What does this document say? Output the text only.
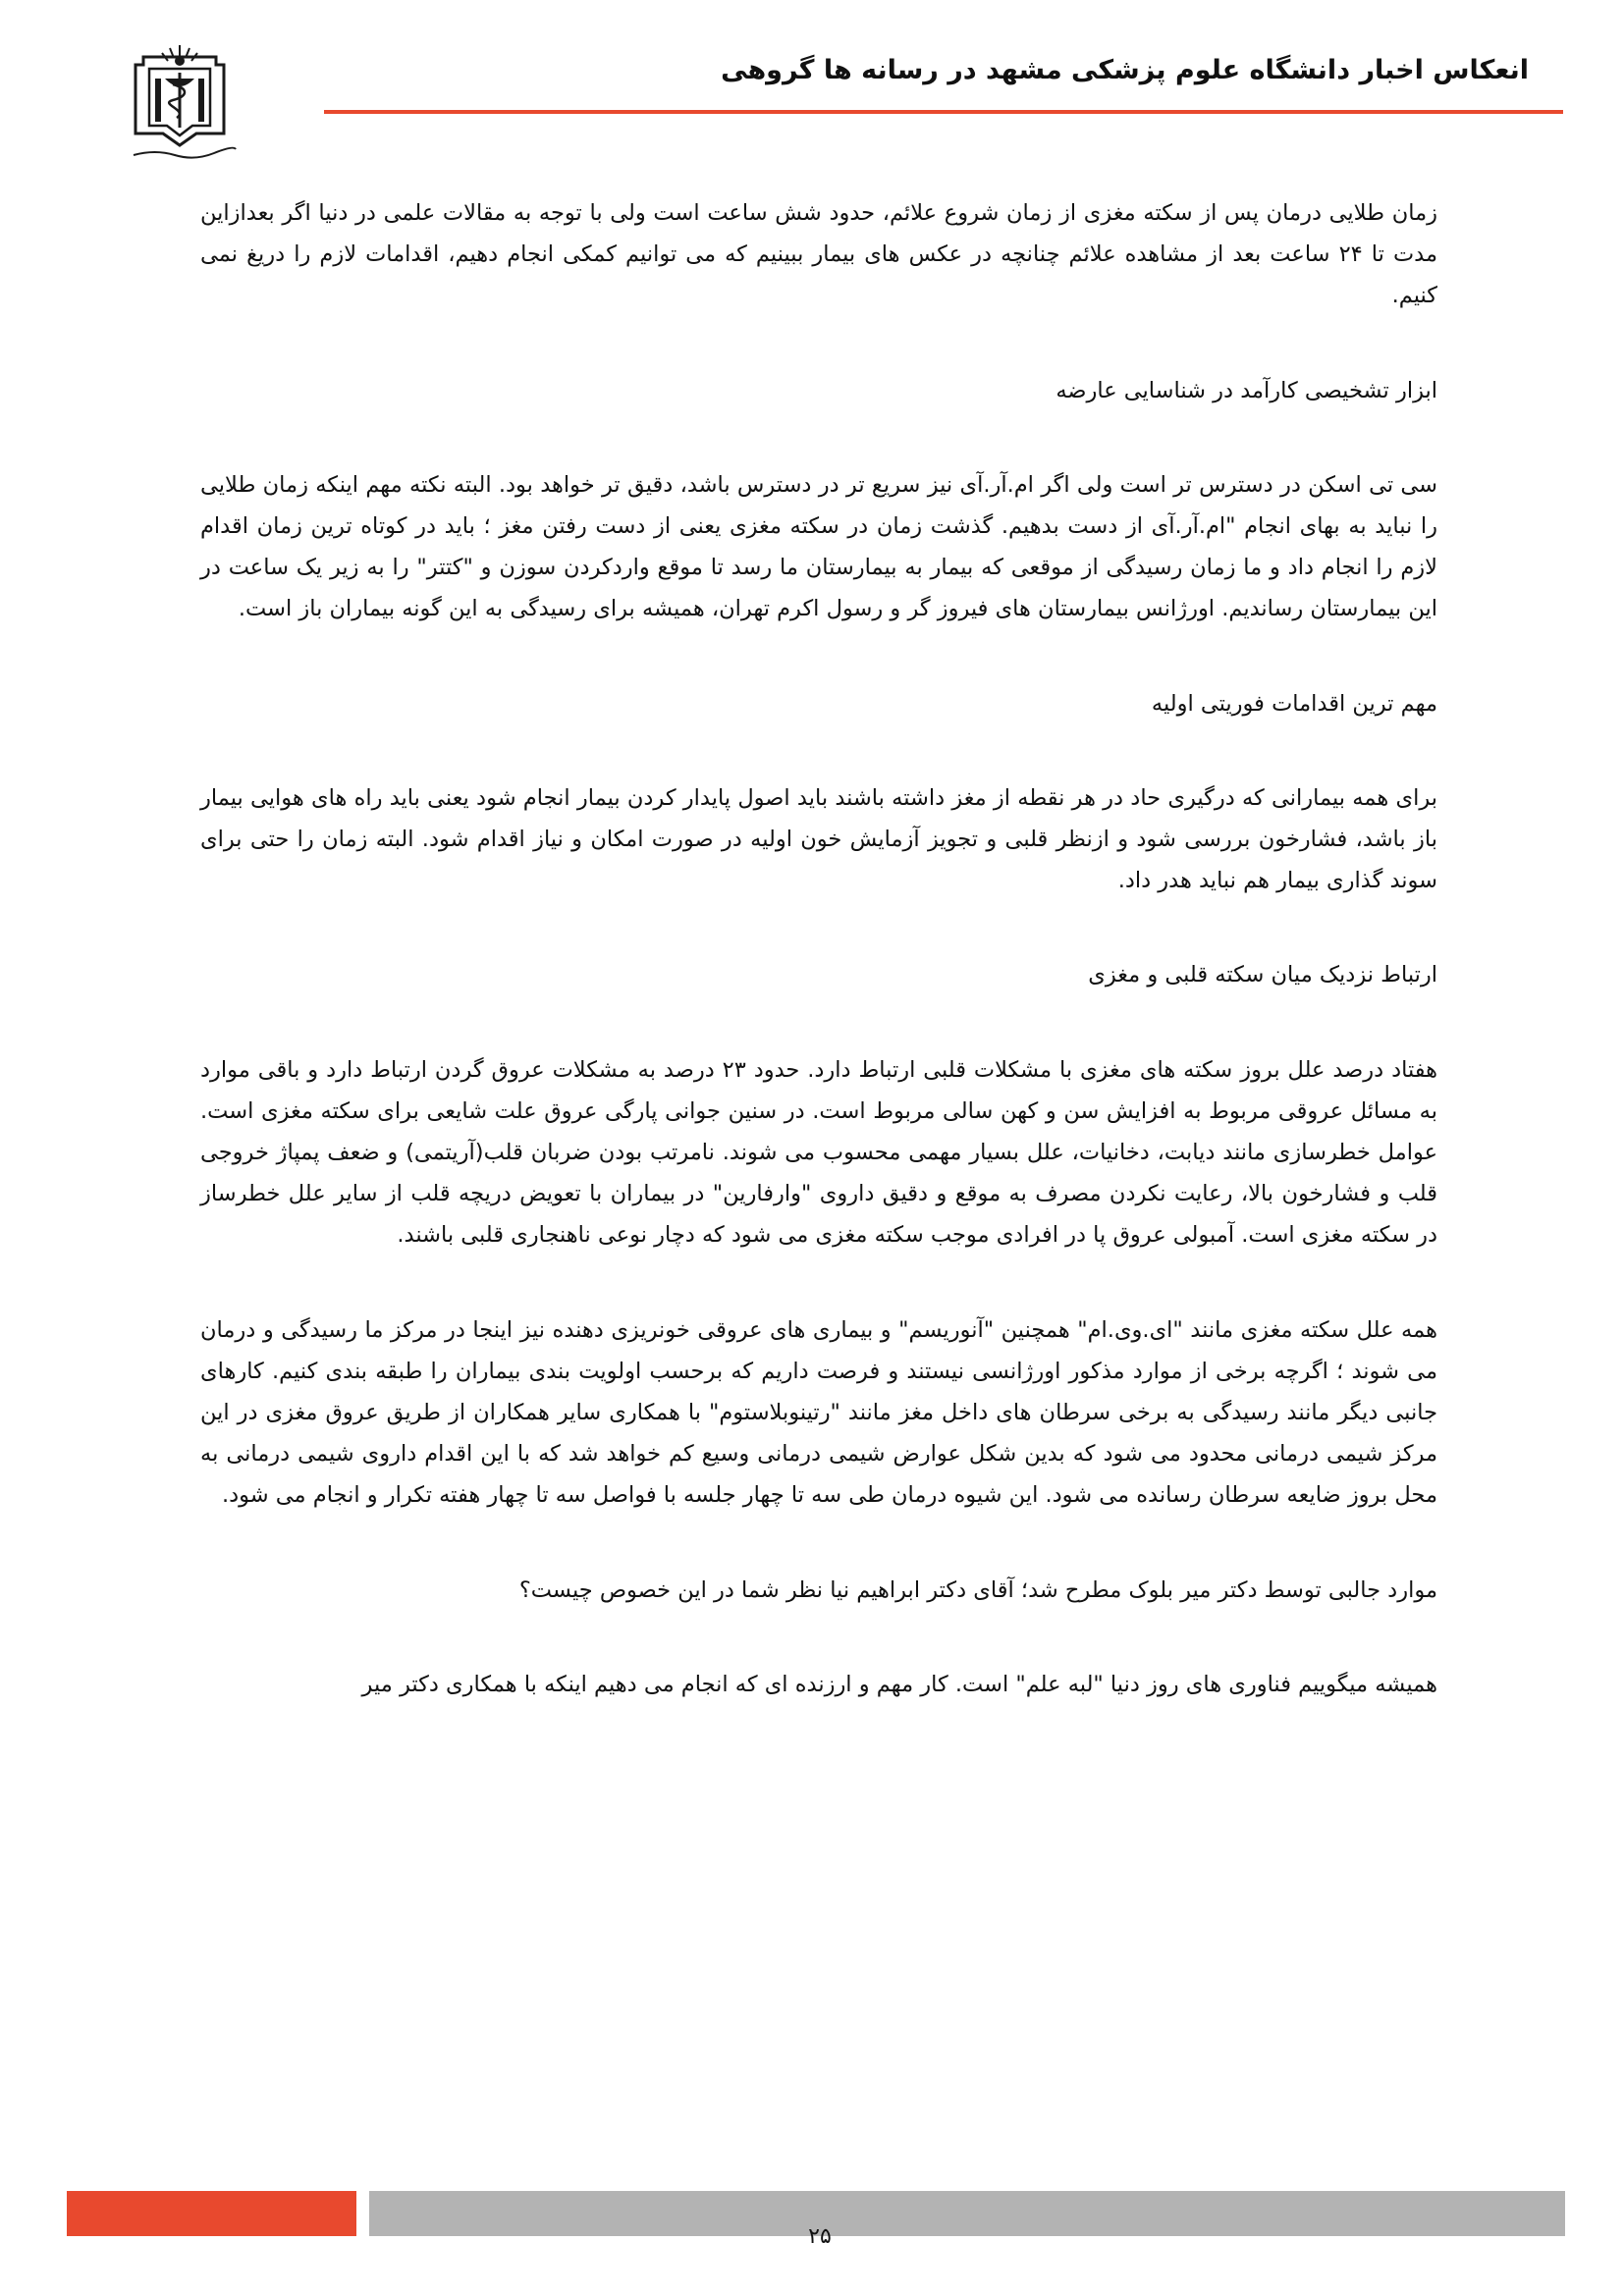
انعکاس اخبار دانشگاه علوم پزشکی مشهد در رسانه ها گروهی

زمان طلایی درمان پس از سکته مغزی از زمان شروع علائم، حدود شش ساعت است ولی با توجه به مقالات علمی در دنیا اگر بعدازاین مدت تا ۲۴ ساعت بعد از مشاهده علائم چنانچه در عکس های بیمار ببینیم که می توانیم کمکی انجام دهیم، اقدامات لازم را دریغ نمی کنیم.

ابزار تشخیصی کارآمد در شناسایی عارضه

سی تی اسکن در دسترس تر است ولی اگر ام.آر.آی نیز سریع تر در دسترس باشد، دقیق تر خواهد بود. البته نکته مهم اینکه زمان طلایی را نباید به بهای انجام "ام.آر.آی از دست بدهیم. گذشت زمان در سکته مغزی یعنی از دست رفتن مغز ؛ باید در کوتاه ترین زمان اقدام لازم را انجام داد و ما زمان رسیدگی از موقعی که بیمار به بیمارستان ما رسد تا موقع واردکردن سوزن و "کتتر" را به زیر یک ساعت در این بیمارستان رساندیم. اورژانس بیمارستان های فیروز گر و رسول اکرم تهران، همیشه برای رسیدگی به این گونه بیماران باز است.

مهم ترین اقدامات فوریتی اولیه

برای همه بیمارانی که درگیری حاد در هر نقطه از مغز داشته باشند باید اصول پایدار کردن بیمار انجام شود یعنی باید راه های هوایی بیمار باز باشد، فشارخون بررسی شود و ازنظر قلبی و تجویز آزمایش خون اولیه در صورت امکان و نیاز اقدام شود. البته زمان را حتی برای سوند گذاری بیمار هم نباید هدر داد.

ارتباط نزدیک میان سکته قلبی و مغزی

هفتاد درصد علل بروز سکته های مغزی با مشکلات قلبی ارتباط دارد. حدود ۲۳ درصد به مشکلات عروق گردن ارتباط دارد و باقی موارد به مسائل عروقی مربوط به افزایش سن و کهن سالی مربوط است. در سنین جوانی پارگی عروق علت شایعی برای سکته مغزی است. عوامل خطرسازی مانند دیابت، دخانیات، علل بسیار مهمی محسوب می شوند. نامرتب بودن ضربان قلب(آریتمی) و ضعف پمپاژ خروجی قلب و فشارخون بالا، رعایت نکردن مصرف به موقع و دقیق داروی "وارفارین" در بیماران با تعویض دریچه قلب از سایر علل خطرساز در سکته مغزی است. آمبولی عروق پا در افرادی موجب سکته مغزی می شود که دچار نوعی ناهنجاری قلبی باشند.

همه علل سکته مغزی مانند "ای.وی.ام" همچنین "آنوریسم" و بیماری های عروقی خونریزی دهنده نیز اینجا در مرکز ما رسیدگی و درمان می شوند ؛ اگرچه برخی از موارد مذکور اورژانسی نیستند و فرصت داریم که برحسب اولویت بندی بیماران را طبقه بندی کنیم. کارهای جانبی دیگر مانند رسیدگی به برخی سرطان های داخل مغز مانند "رتینوبلاستوم" با همکاری سایر همکاران از طریق عروق مغزی در این مرکز شیمی درمانی محدود می شود که بدین شکل عوارض شیمی درمانی وسیع کم خواهد شد که با این اقدام داروی شیمی درمانی به محل بروز ضایعه سرطان رسانده می شود. این شیوه درمان طی سه تا چهار جلسه با فواصل سه تا چهار هفته تکرار و انجام می شود.

موارد جالبی توسط دکتر میر بلوک مطرح شد؛ آقای دکتر ابراهیم نیا نظر شما در این خصوص چیست؟

همیشه میگوییم فناوری های روز دنیا "لبه علم" است. کار مهم و ارزنده ای که انجام می دهیم اینکه با همکاری دکتر میر

۲۵
